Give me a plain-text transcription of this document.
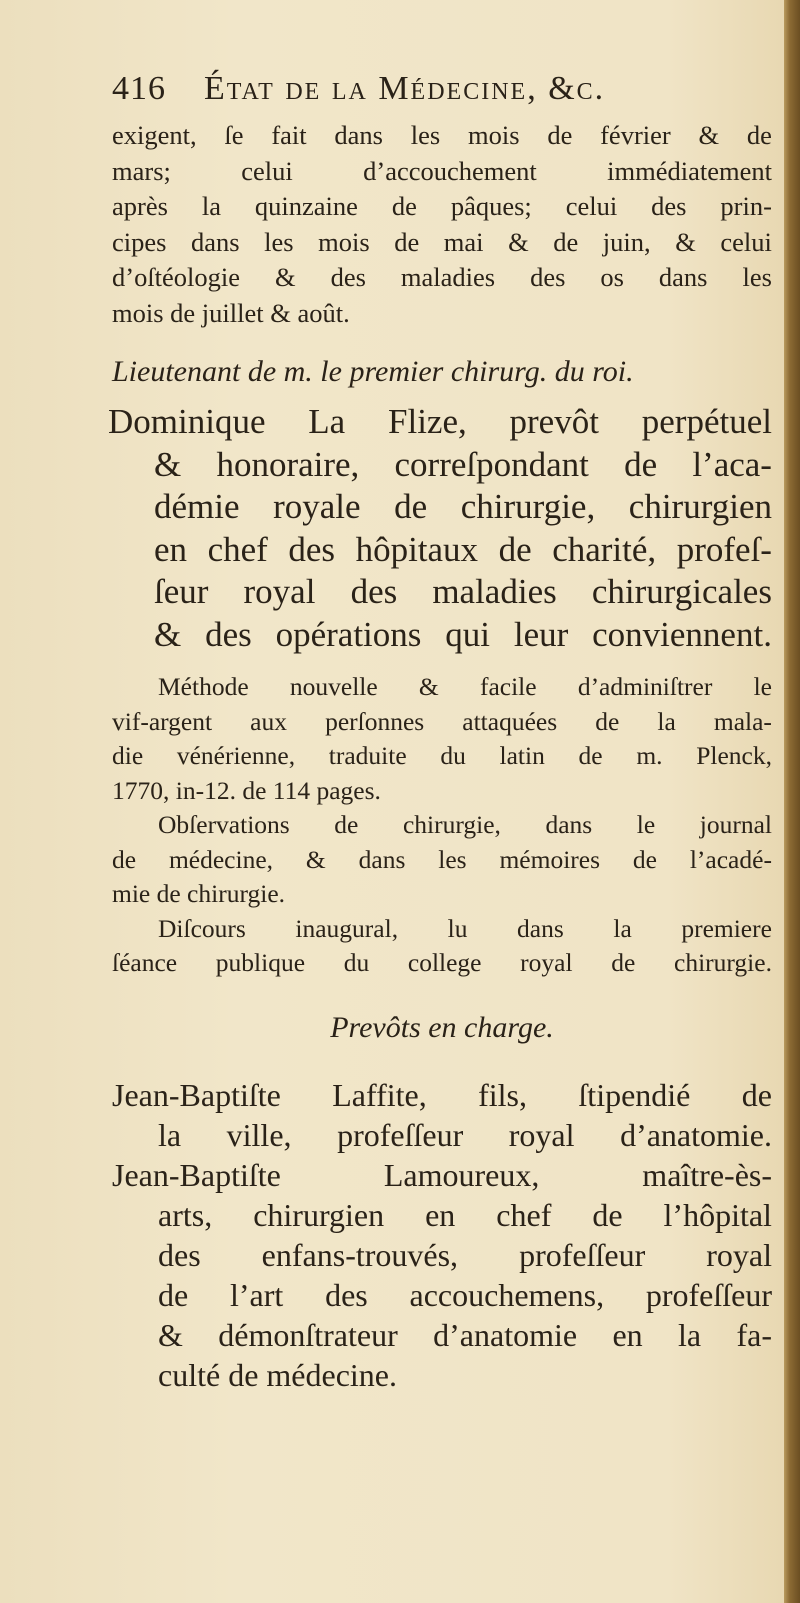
416	État de la Médecine, &c.
exigent, ſe fait dans les mois de février & de
mars;	celui	d’accouchement	immédiatement
après la quinzaine de pâques; celui des prin-
cipes dans les mois de mai & de juin, & celui
d’oſtéologie & des maladies des os dans les
mois de juillet & août.
Lieutenant de m. le premier chirurg. du roi.
Dominique La Flize, prevôt perpétuel
& honoraire, correſpondant de l’aca-
démie royale de chirurgie, chirurgien
en chef des hôpitaux de charité, profeſ-
ſeur royal des maladies chirurgicales
& des opérations qui leur conviennent.
Méthode nouvelle & facile d’adminiſtrer le
vif-argent aux perſonnes attaquées de la mala-
die vénérienne, traduite du latin de m. Plenck,
1770, in-12. de 114 pages.
Obſervations de chirurgie, dans le journal
de médecine, & dans les mémoires de l’acadé-
mie de chirurgie.
Diſcours inaugural, lu dans la premiere
ſéance publique du college royal de chirurgie.
Prevôts en charge.
Jean-Baptiſte Laffite, fils, ſtipendié de
la ville, profeſſeur royal d’anatomie.
Jean-Baptiſte	Lamoureux,	maître-ès-
arts, chirurgien en chef de l’hôpital
des enfans-trouvés, profeſſeur royal
de l’art des accouchemens, profeſſeur
& démonſtrateur d’anatomie en la fa-
culté de médecine.
